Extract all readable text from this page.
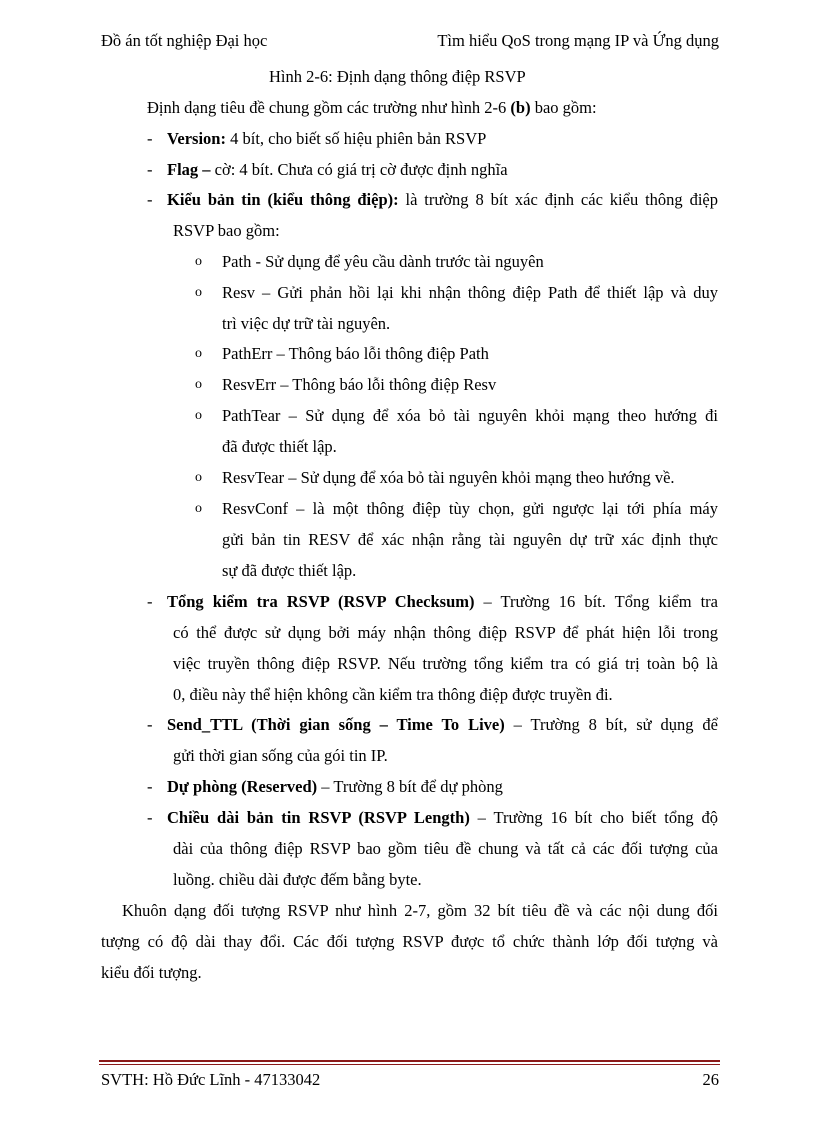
Đồ án tốt nghiệp Đại học	Tìm hiểu QoS trong mạng IP và Ứng dụng
Hình 2-6: Định dạng thông điệp RSVP
Định dạng tiêu đề chung gồm các trường như hình 2-6 (b) bao gồm:
- Version: 4 bít, cho biết số hiệu phiên bản RSVP
- Flag – cờ: 4 bít. Chưa có giá trị cờ được định nghĩa
- Kiểu bản tin (kiểu thông điệp): là trường 8 bít xác định các kiểu thông điệp
RSVP bao gồm:
o Path - Sử dụng để yêu cầu dành trước tài nguyên
o Resv – Gửi phản hồi lại khi nhận thông điệp Path để thiết lập và duy
trì việc dự trữ tài nguyên.
o PathErr – Thông báo lỗi thông điệp Path
o ResvErr – Thông báo lỗi thông điệp Resv
o PathTear – Sử dụng để xóa bỏ tài nguyên khỏi mạng theo hướng đi
đã được thiết lập.
o ResvTear – Sử dụng để xóa bỏ tài nguyên khỏi mạng theo hướng về.
o ResvConf – là một thông điệp tùy chọn, gửi ngược lại tới phía máy
gửi bản tin RESV để xác nhận rằng tài nguyên dự trữ xác định thực
sự đã được thiết lập.
- Tổng kiểm tra RSVP (RSVP Checksum) – Trường 16 bít. Tổng kiểm tra
có thể được sử dụng bởi máy nhận thông điệp RSVP để phát hiện lỗi trong
việc truyền thông điệp RSVP. Nếu trường tổng kiểm tra có giá trị toàn bộ là
0, điều này thể hiện không cần kiểm tra thông điệp được truyền đi.
- Send_TTL (Thời gian sống – Time To Live) – Trường 8 bít, sử dụng để
gửi thời gian sống của gói tin IP.
- Dự phòng (Reserved) – Trường 8 bít để dự phòng
- Chiều dài bản tin RSVP (RSVP Length) – Trường 16 bít cho biết tổng độ
dài của thông điệp RSVP bao gồm tiêu đề chung và tất cả các đối tượng của
luồng. chiều dài được đếm bằng byte.
Khuôn dạng đối tượng RSVP như hình 2-7, gồm 32 bít tiêu đề và các nội dung đối
tượng có độ dài thay đổi. Các đối tượng RSVP được tổ chức thành lớp đối tượng và
kiểu đối tượng.
SVTH: Hồ Đức Lĩnh - 47133042	26
